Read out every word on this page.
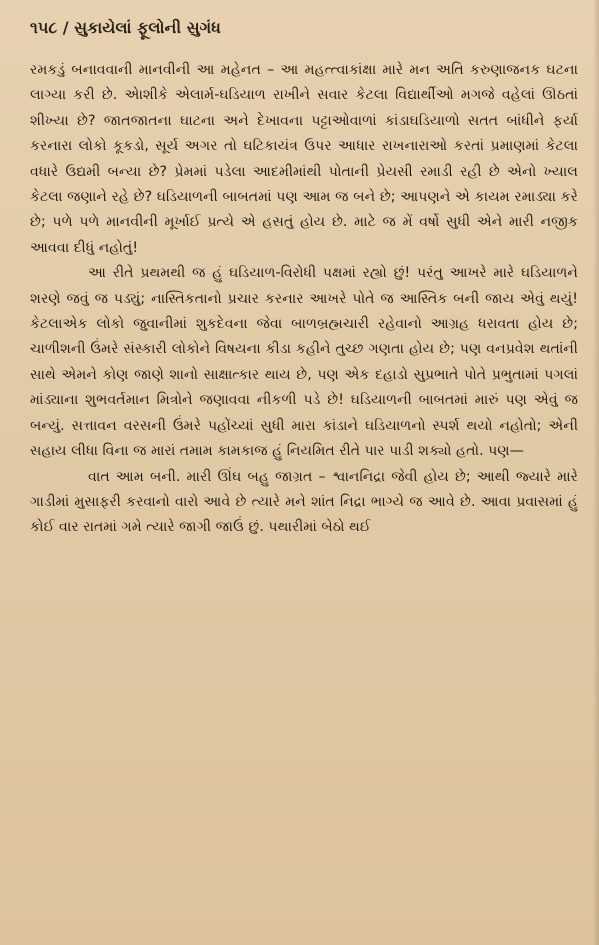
૧૫૮ / સુકાયેલાં ફૂલોની સુગંધ

રમકડું બનાવવાની માનવીની આ મહેનત – આ મહત્ત્વાકાંક્ષા મારે મન અતિ કરુણાજનક ઘટના લાગ્યા કરી છે. એાશીકે એલાર્મ-ઘડિયાળ રાખીને સવાર કેટલા વિદ્યાર્થીઓ મગજે વહેલાં ઊઠતાં શીખ્યા છે? જાતજાતના ઘાટના અને દેખાવના પટ્ટાઓવાળાં કાંડાઘડિયાળો સતત બાંધીને ફર્યા કરનારા લોકો કૂકડો, સૂર્ય અગર તો ઘટિકાયંત્ર ઉપર આધાર રાખનારાઓ કરતાં પ્રમાણમાં કેટલા વધારે ઉદ્યમી બન્યા છે? પ્રેમમાં પડેલા આદમીમાંથી પોતાની પ્રેયસી રમાડી રહી છે એનો ખ્યાલ કેટલા જણાને રહે છે? ઘડિયાળની બાબતમાં પણ આમ જ બને છે; આપણને એ કાયમ રમાડ્યા કરે છે; પળે પળે માનવીની મૂર્ખાઈ પ્રત્યે એ હસતું હોય છે. માટે જ મેં વર્ષો સુધી એને મારી નજીક આવવા દીધું નહોતું!

આ રીતે પ્રથમથી જ હું ઘડિયાળ-વિરોધી પક્ષમાં રહ્યો છું! પરંતુ આખરે મારે ઘડિયાળને શરણે જવું જ પડ્યું; નાસ્તિકતાનો પ્રચાર કરનાર આખરે પોતે જ આસ્તિક બની જાય એવું થયું! કેટલાએક લોકો જુવાનીમાં શુકદેવના જેવા બાળબ્રહ્મચારી રહેવાનો આગ્રહ ધરાવતા હોય છે; ચાળીશની ઉંમરે સંસ્કારી લોકોને વિષયના કીડા કહીને તુચ્છ ગણતા હોય છે; પણ વનપ્રવેશ થતાંની સાથે એમને કોણ જાણે શાનો સાક્ષાત્કાર થાય છે, પણ એક દહાડો સુપ્રભાતે પોતે પ્રભુતામાં પગલાં માંડ્યાના શુભવર્તમાન મિત્રોને જણાવવા નીકળી પડે છે! ઘડિયાળની બાબતમાં મારું પણ એવું જ બન્યું. સત્તાવન વરસની ઉંમરે પહોંચ્યાં સુધી મારા કાંડાને ઘડિયાળનો સ્પર્શ થયો નહોતો; એની સહાય લીધા વિના જ મારાં તમામ કામકાજ હું નિયમિત રીતે પાર પાડી શક્યો હતો. પણ—

વાત આમ બની. મારી ઊંઘ બહુ જાગ્રત – શ્વાનનિદ્રા જેવી હોય છે; આથી જ્યારે મારે ગાડીમાં મુસાફરી કરવાનો વારો આવે છે ત્યારે મને શાંત નિદ્રા ભાગ્યે જ આવે છે. આવા પ્રવાસમાં હું કોઈ વાર રાતમાં ગમે ત્યારે જાગી જાઉં છું. પથારીમાં બેઠો થઈ
